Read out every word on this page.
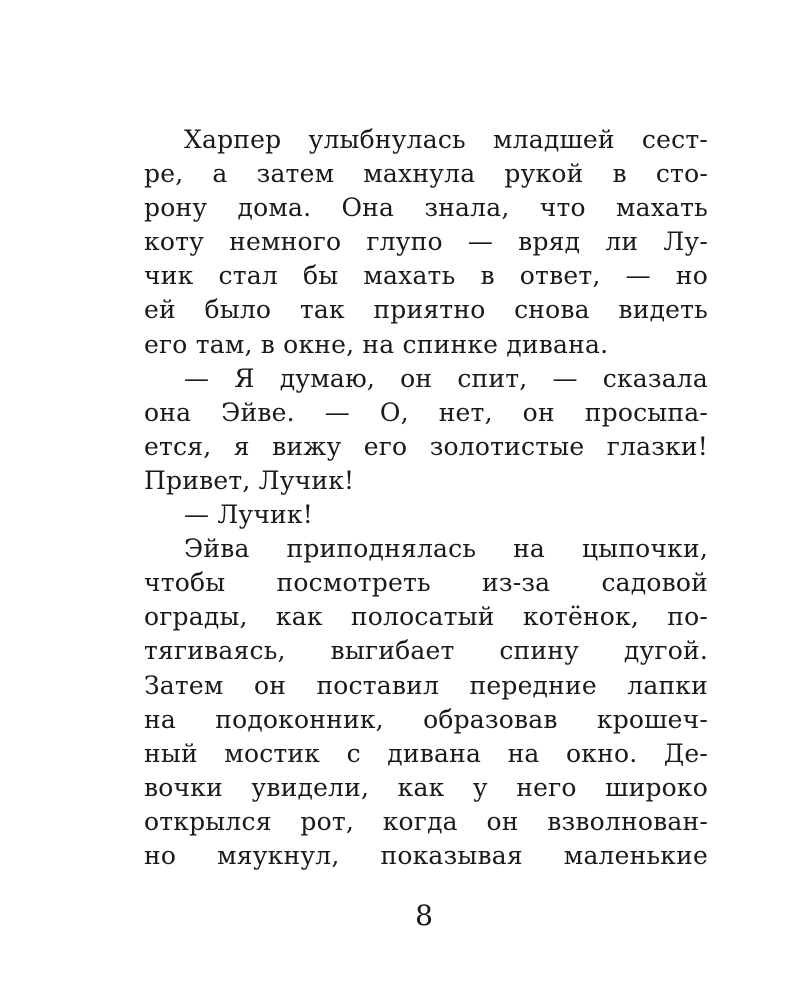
Харпер улыбнулась младшей сест-
ре, а затем махнула рукой в сто-
рону дома. Она знала, что махать
коту немного глупо — вряд ли Лу-
чик стал бы махать в ответ, — но
ей было так приятно снова видеть
его там, в окне, на спинке дивана.
— Я думаю, он спит, — сказала
она Эйве. — О, нет, он просыпа-
ется, я вижу его золотистые глазки!
Привет, Лучик!
— Лучик!
Эйва приподнялась на цыпочки,
чтобы посмотреть из-за садовой
ограды, как полосатый котёнок, по-
тягиваясь, выгибает спину дугой.
Затем он поставил передние лапки
на подоконник, образовав крошеч-
ный мостик с дивана на окно. Де-
вочки увидели, как у него широко
открылся рот, когда он взволнован-
но мяукнул, показывая маленькие
8
